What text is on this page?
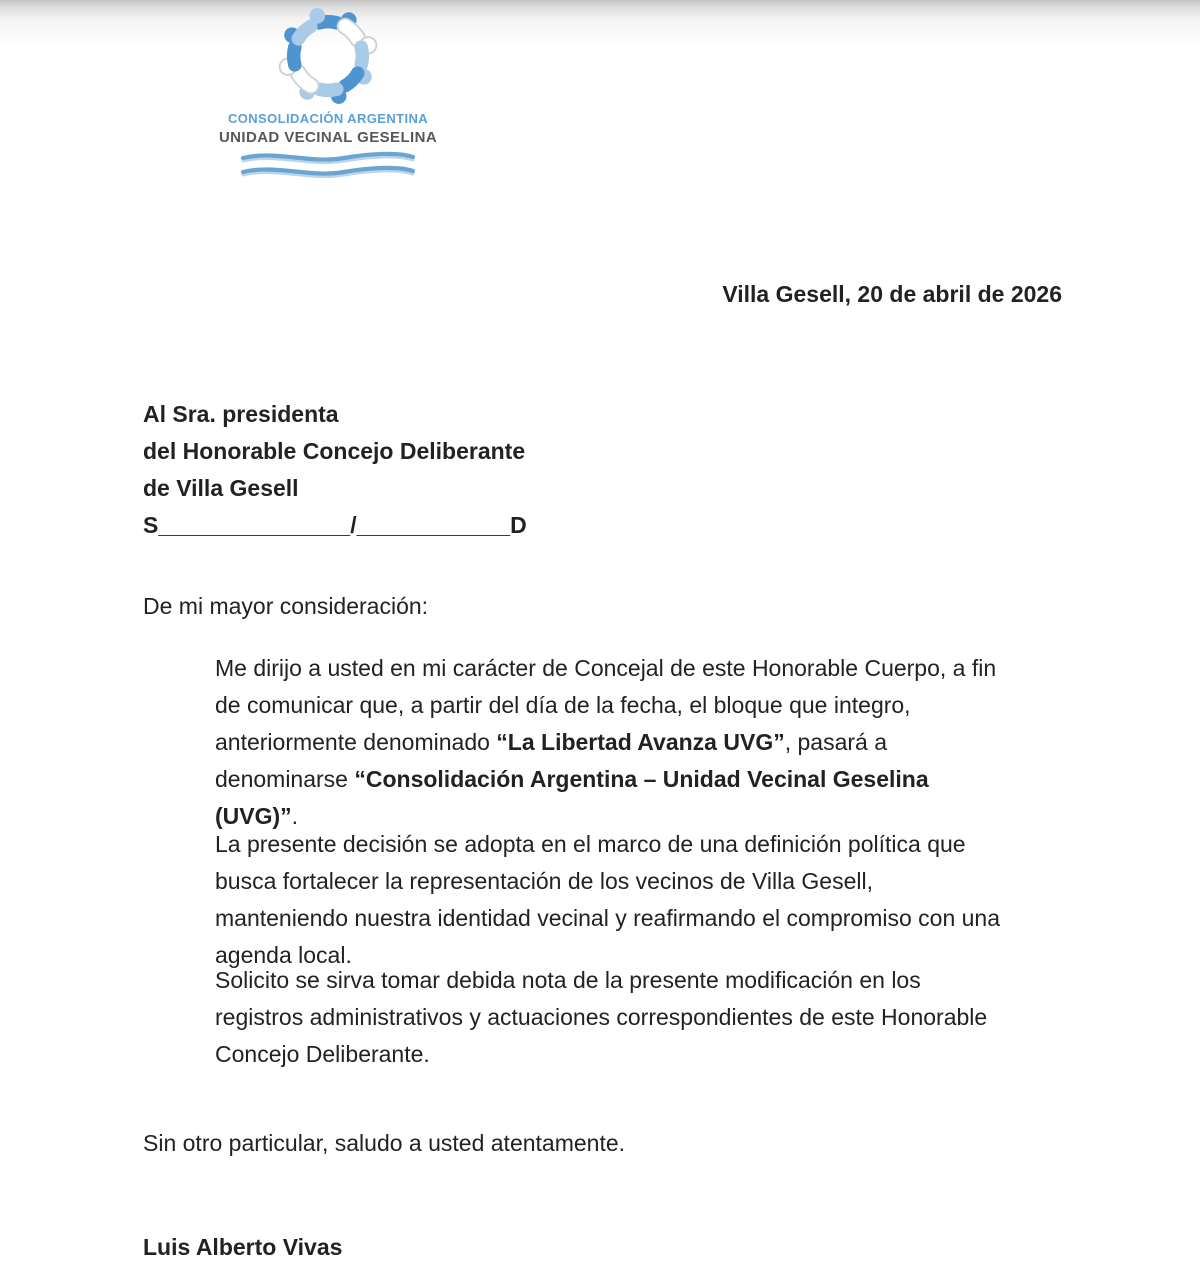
CONSOLIDACIÓN ARGENTINA
UNIDAD VECINAL GESELINA
Villa Gesell, 20 de abril de 2026
Al Sra. presidenta
del Honorable Concejo Deliberante
de Villa Gesell
S_______________/____________D
De mi mayor consideración:

Me dirijo a usted en mi carácter de Concejal de este Honorable Cuerpo, a fin
de comunicar que, a partir del día de la fecha, el bloque que integro,
anteriormente denominado “La Libertad Avanza UVG”, pasará a
denominarse “Consolidación Argentina – Unidad Vecinal Geselina
(UVG)”.

La presente decisión se adopta en el marco de una definición política que
busca fortalecer la representación de los vecinos de Villa Gesell,
manteniendo nuestra identidad vecinal y reafirmando el compromiso con una
agenda local.

Solicito se sirva tomar debida nota de la presente modificación en los
registros administrativos y actuaciones correspondientes de este Honorable
Concejo Deliberante.

Sin otro particular, saludo a usted atentamente.
Luis Alberto Vivas
